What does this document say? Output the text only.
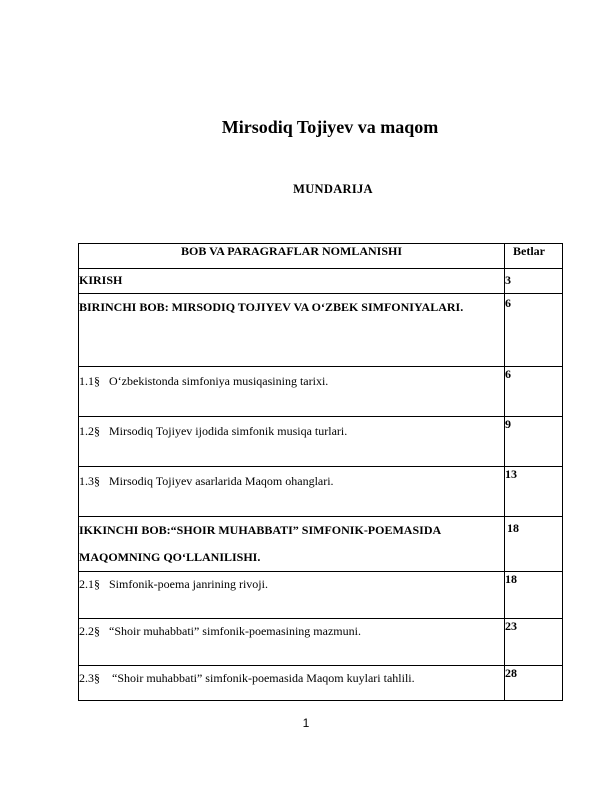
Mirsodiq Tojiyev va maqom
MUNDARIJA
BOB VA PARAGRAFLAR NOMLANISHI	Betlar
KIRISH	3
BIRINCHI BOB: MIRSODIQ TOJIYEV VA O‘ZBEK SIMFONIYALARI.	6
1.1§ O‘zbekistonda simfoniya musiqasining tarixi.	6
1.2§ Mirsodiq Tojiyev ijodida simfonik musiqa turlari.	9
1.3§ Mirsodiq Tojiyev asarlarida Maqom ohanglari.	13
IKKINCHI BOB:“SHOIR MUHABBATI” SIMFONIK-POEMASIDA MAQOMNING QO‘LLANILISHI.	18
2.1§ Simfonik-poema janrining rivoji.	18
2.2§ “Shoir muhabbati” simfonik-poemasining mazmuni.	23
2.3§ “Shoir muhabbati” simfonik-poemasida Maqom kuylari tahlili.	28
1
